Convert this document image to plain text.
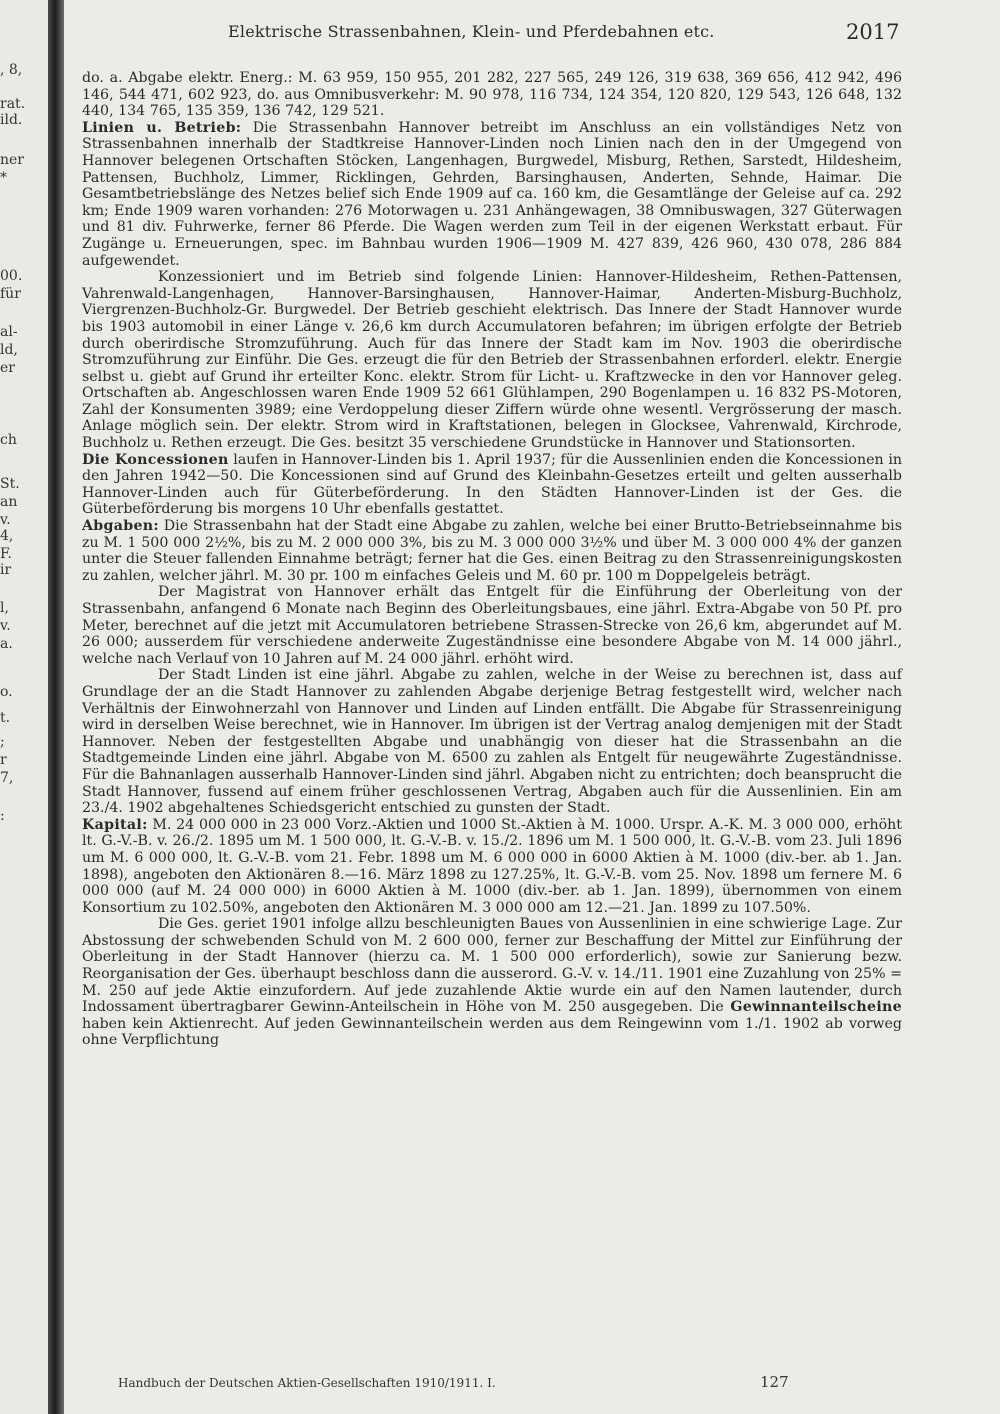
, 8,
rat.
ild.
ner
*
00.
für
al-
ld,
er
ch
St.
an
v.
4,
F.
ir
l,
v.
a.
o.
t.
;
r
7,
:
Elektrische Strassenbahnen, Klein- und Pferdebahnen etc.	2017

do. a. Abgabe elektr. Energ.: M. 63 959, 150 955, 201 282, 227 565, 249 126, 319 638, 369 656, 412 942, 496 146, 544 471, 602 923, do. aus Omnibusverkehr: M. 90 978, 116 734, 124 354, 120 820, 129 543, 126 648, 132 440, 134 765, 135 359, 136 742, 129 521.

Linien u. Betrieb: Die Strassenbahn Hannover betreibt im Anschluss an ein vollständiges Netz von Strassenbahnen innerhalb der Stadtkreise Hannover-Linden noch Linien nach den in der Umgegend von Hannover belegenen Ortschaften Stöcken, Langenhagen, Burgwedel, Misburg, Rethen, Sarstedt, Hildesheim, Pattensen, Buchholz, Limmer, Ricklingen, Gehrden, Barsinghausen, Anderten, Sehnde, Haimar. Die Gesamtbetriebslänge des Netzes belief sich Ende 1909 auf ca. 160 km, die Gesamtlänge der Geleise auf ca. 292 km; Ende 1909 waren vorhanden: 276 Motorwagen u. 231 Anhängewagen, 38 Omnibuswagen, 327 Güterwagen und 81 div. Fuhrwerke, ferner 86 Pferde. Die Wagen werden zum Teil in der eigenen Werkstatt erbaut. Für Zugänge u. Erneuerungen, spec. im Bahnbau wurden 1906—1909 M. 427 839, 426 960, 430 078, 286 884 aufgewendet.

Konzessioniert und im Betrieb sind folgende Linien: Hannover-Hildesheim, Rethen-Pattensen, Vahrenwald-Langenhagen, Hannover-Barsinghausen, Hannover-Haimar, Anderten-Misburg-Buchholz, Viergrenzen-Buchholz-Gr. Burgwedel. Der Betrieb geschieht elektrisch. Das Innere der Stadt Hannover wurde bis 1903 automobil in einer Länge v. 26,6 km durch Accumulatoren befahren; im übrigen erfolgte der Betrieb durch oberirdische Stromzuführung. Auch für das Innere der Stadt kam im Nov. 1903 die oberirdische Stromzuführung zur Einführ. Die Ges. erzeugt die für den Betrieb der Strassenbahnen erforderl. elektr. Energie selbst u. giebt auf Grund ihr erteilter Konc. elektr. Strom für Licht- u. Kraftzwecke in den vor Hannover geleg. Ortschaften ab. Angeschlossen waren Ende 1909 52 661 Glühlampen, 290 Bogenlampen u. 16 832 PS-Motoren, Zahl der Konsumenten 3989; eine Verdoppelung dieser Ziffern würde ohne wesentl. Vergrösserung der masch. Anlage möglich sein. Der elektr. Strom wird in Kraftstationen, belegen in Glocksee, Vahrenwald, Kirchrode, Buchholz u. Rethen erzeugt. Die Ges. besitzt 35 verschiedene Grundstücke in Hannover und Stationsorten.

Die Koncessionen laufen in Hannover-Linden bis 1. April 1937; für die Aussenlinien enden die Koncessionen in den Jahren 1942—50. Die Koncessionen sind auf Grund des Kleinbahn-Gesetzes erteilt und gelten ausserhalb Hannover-Linden auch für Güterbeförderung. In den Städten Hannover-Linden ist der Ges. die Güterbeförderung bis morgens 10 Uhr ebenfalls gestattet.

Abgaben: Die Strassenbahn hat der Stadt eine Abgabe zu zahlen, welche bei einer Brutto-Betriebseinnahme bis zu M. 1 500 000 2½%, bis zu M. 2 000 000 3%, bis zu M. 3 000 000 3½% und über M. 3 000 000 4% der ganzen unter die Steuer fallenden Einnahme beträgt; ferner hat die Ges. einen Beitrag zu den Strassenreinigungskosten zu zahlen, welcher jährl. M. 30 pr. 100 m einfaches Geleis und M. 60 pr. 100 m Doppelgeleis beträgt.

Der Magistrat von Hannover erhält das Entgelt für die Einführung der Oberleitung von der Strassenbahn, anfangend 6 Monate nach Beginn des Oberleitungsbaues, eine jährl. Extra-Abgabe von 50 Pf. pro Meter, berechnet auf die jetzt mit Accumulatoren betriebene Strassen-Strecke von 26,6 km, abgerundet auf M. 26 000; ausserdem für verschiedene anderweite Zugeständnisse eine besondere Abgabe von M. 14 000 jährl., welche nach Verlauf von 10 Jahren auf M. 24 000 jährl. erhöht wird.

Der Stadt Linden ist eine jährl. Abgabe zu zahlen, welche in der Weise zu berechnen ist, dass auf Grundlage der an die Stadt Hannover zu zahlenden Abgabe derjenige Betrag festgestellt wird, welcher nach Verhältnis der Einwohnerzahl von Hannover und Linden auf Linden entfällt. Die Abgabe für Strassenreinigung wird in derselben Weise berechnet, wie in Hannover. Im übrigen ist der Vertrag analog demjenigen mit der Stadt Hannover. Neben der festgestellten Abgabe und unabhängig von dieser hat die Strassenbahn an die Stadtgemeinde Linden eine jährl. Abgabe von M. 6500 zu zahlen als Entgelt für neugewährte Zugeständnisse. Für die Bahnanlagen ausserhalb Hannover-Linden sind jährl. Abgaben nicht zu entrichten; doch beansprucht die Stadt Hannover, fussend auf einem früher geschlossenen Vertrag, Abgaben auch für die Aussenlinien. Ein am 23./4. 1902 abgehaltenes Schiedsgericht entschied zu gunsten der Stadt.

Kapital: M. 24 000 000 in 23 000 Vorz.-Aktien und 1000 St.-Aktien à M. 1000. Urspr. A.-K. M. 3 000 000, erhöht lt. G.-V.-B. v. 26./2. 1895 um M. 1 500 000, lt. G.-V.-B. v. 15./2. 1896 um M. 1 500 000, lt. G.-V.-B. vom 23. Juli 1896 um M. 6 000 000, lt. G.-V.-B. vom 21. Febr. 1898 um M. 6 000 000 in 6000 Aktien à M. 1000 (div.-ber. ab 1. Jan. 1898), angeboten den Aktionären 8.—16. März 1898 zu 127.25%, lt. G.-V.-B. vom 25. Nov. 1898 um fernere M. 6 000 000 (auf M. 24 000 000) in 6000 Aktien à M. 1000 (div.-ber. ab 1. Jan. 1899), übernommen von einem Konsortium zu 102.50%, angeboten den Aktionären M. 3 000 000 am 12.—21. Jan. 1899 zu 107.50%.

Die Ges. geriet 1901 infolge allzu beschleunigten Baues von Aussenlinien in eine schwierige Lage. Zur Abstossung der schwebenden Schuld von M. 2 600 000, ferner zur Beschaffung der Mittel zur Einführung der Oberleitung in der Stadt Hannover (hierzu ca. M. 1 500 000 erforderlich), sowie zur Sanierung bezw. Reorganisation der Ges. überhaupt beschloss dann die ausserord. G.-V. v. 14./11. 1901 eine Zuzahlung von 25% = M. 250 auf jede Aktie einzufordern. Auf jede zuzahlende Aktie wurde ein auf den Namen lautender, durch Indossament übertragbarer Gewinn-Anteilschein in Höhe von M. 250 ausgegeben. Die Gewinnanteilscheine haben kein Aktienrecht. Auf jeden Gewinnanteilschein werden aus dem Reingewinn vom 1./1. 1902 ab vorweg ohne Verpflichtung

Handbuch der Deutschen Aktien-Gesellschaften 1910/1911. I.	127
